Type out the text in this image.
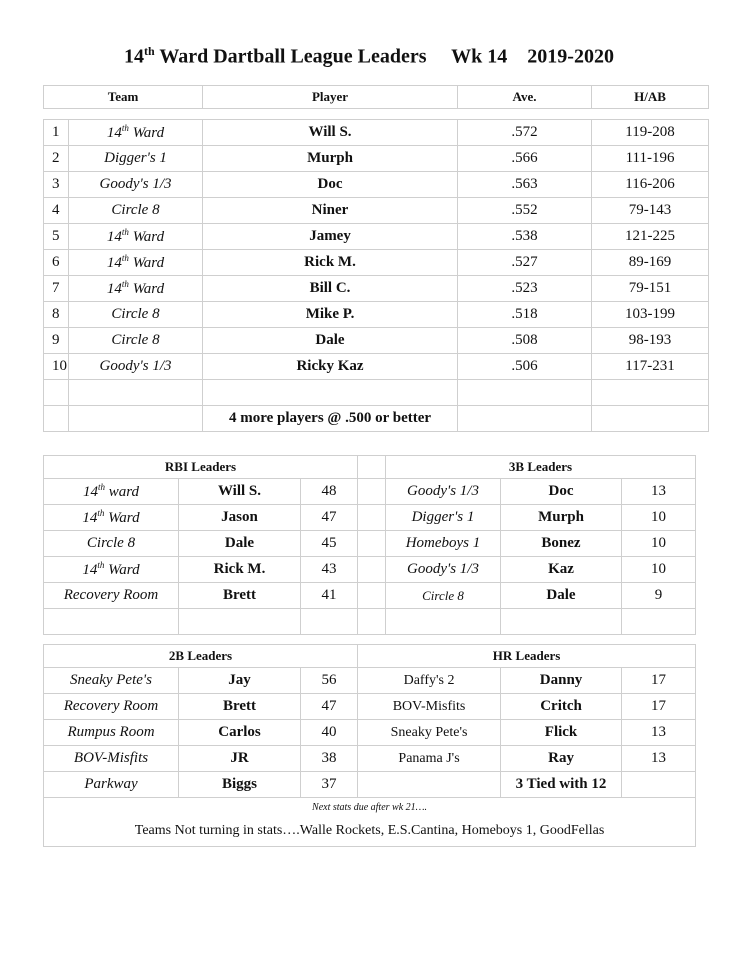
14th Ward Dartball League Leaders     Wk 14    2019-2020
Team		Player	Ave.	H/AB

1	14th Ward	Will S.	.572	119-208
2	Digger's 1	Murph	.566	111-196
3	Goody's 1/3	Doc	.563	116-206
4	Circle 8	Niner	.552	79-143
5	14th Ward	Jamey	.538	121-225
6	14th Ward	Rick M.	.527	89-169
7	14th Ward	Bill C.	.523	79-151
8	Circle 8	Mike P.	.518	103-199
9	Circle 8	Dale	.508	98-193
10	Goody's 1/3	Ricky Kaz	.506	117-231

		4 more players @ .500 or better		
RBI Leaders				3B Leaders		
14th ward	Will S.	48		Goody's 1/3	Doc	13
14th Ward	Jason	47		Digger's 1	Murph	10
Circle 8	Dale	45		Homeboys 1	Bonez	10
14th Ward	Rick M.	43		Goody's 1/3	Kaz	10
Recovery Room	Brett	41		Circle 8	Dale	9

2B Leaders			HR Leaders		
Sneaky Pete's	Jay	56	Daffy's 2	Danny	17
Recovery Room	Brett	47	BOV-Misfits	Critch	17
Rumpus Room	Carlos	40	Sneaky Pete's	Flick	13
BOV-Misfits	JR	38	Panama J's	Ray	13
Parkway	Biggs	37		3 Tied with 12	
Next stats due after wk 21….					
Teams Not turning in stats….Walle Rockets, E.S.Cantina, Homeboys 1, GoodFellas					
